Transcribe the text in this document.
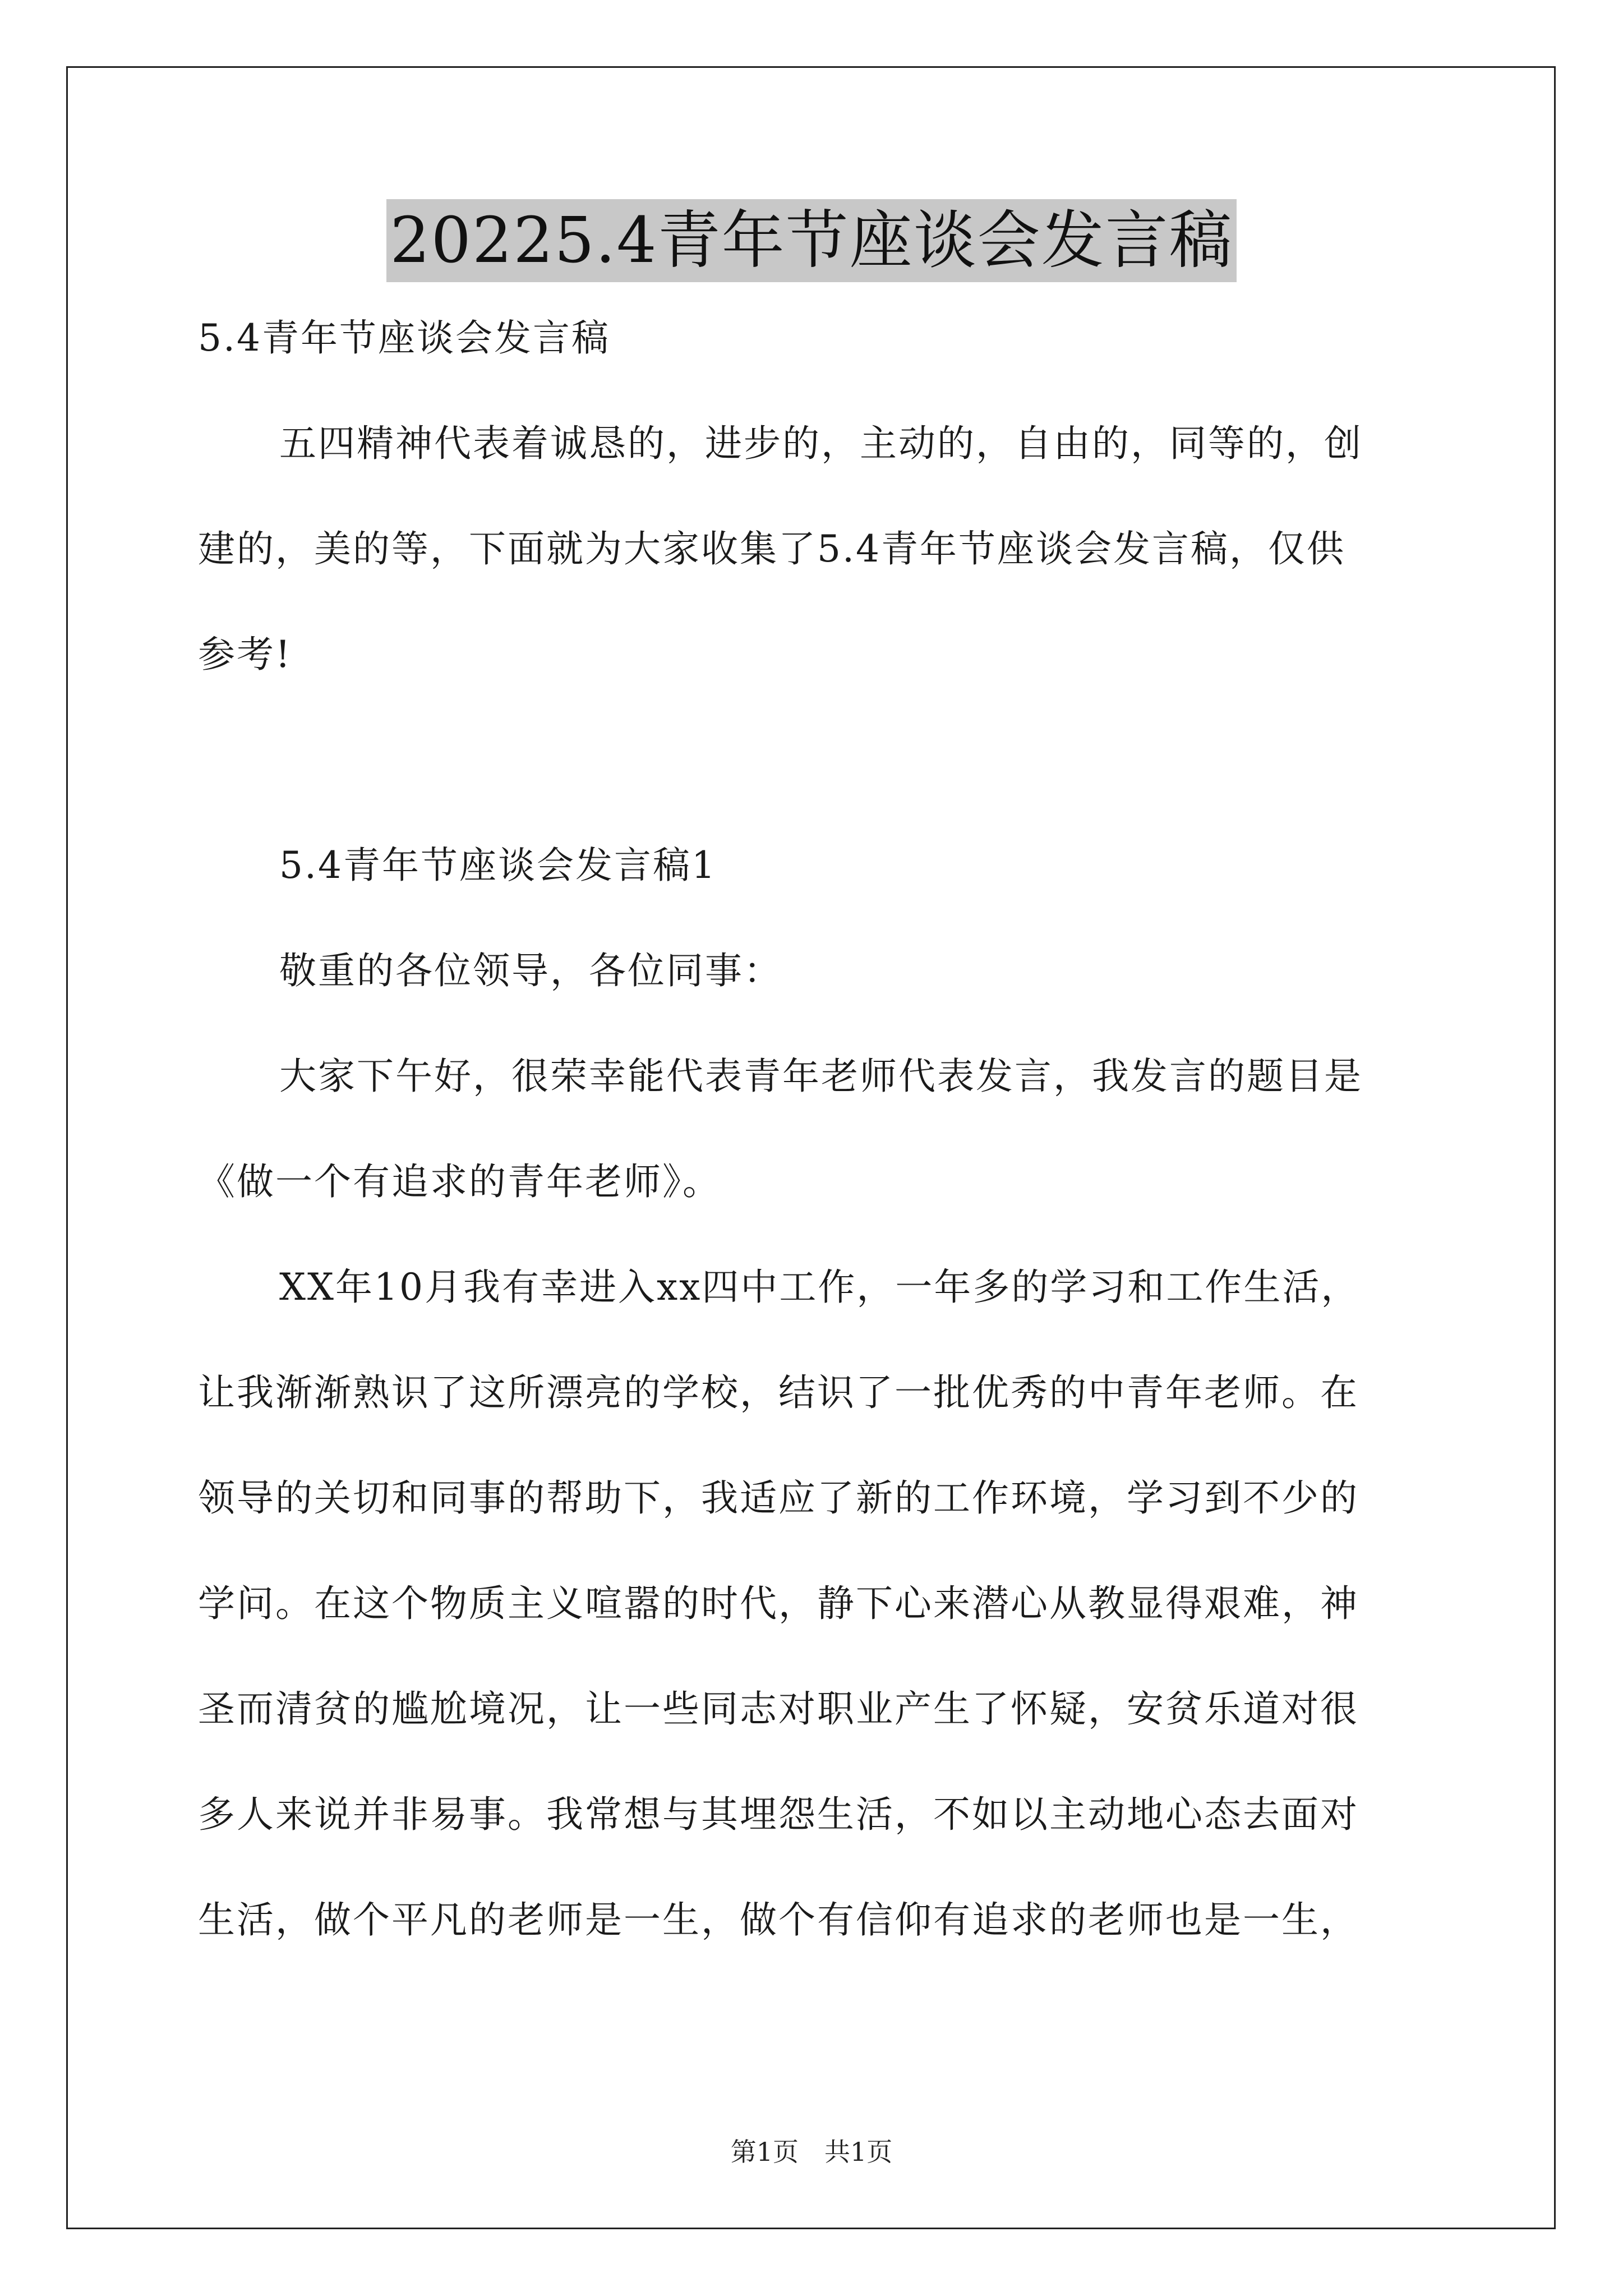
20225.4青年节座谈会发言稿
5.4青年节座谈会发言稿
五四精神代表着诚恳的，进步的，主动的，自由的，同等的，创
建的，美的等，下面就为大家收集了5.4青年节座谈会发言稿，仅供
参考!
5.4青年节座谈会发言稿1
敬重的各位领导，各位同事：
大家下午好，很荣幸能代表青年老师代表发言，我发言的题目是
《做一个有追求的青年老师》。
XX年10月我有幸进入xx四中工作，一年多的学习和工作生活，
让我渐渐熟识了这所漂亮的学校，结识了一批优秀的中青年老师。在
领导的关切和同事的帮助下，我适应了新的工作环境，学习到不少的
学问。在这个物质主义喧嚣的时代，静下心来潜心从教显得艰难，神
圣而清贫的尴尬境况，让一些同志对职业产生了怀疑，安贫乐道对很
多人来说并非易事。我常想与其埋怨生活，不如以主动地心态去面对
生活，做个平凡的老师是一生，做个有信仰有追求的老师也是一生，
第1页　共1页
